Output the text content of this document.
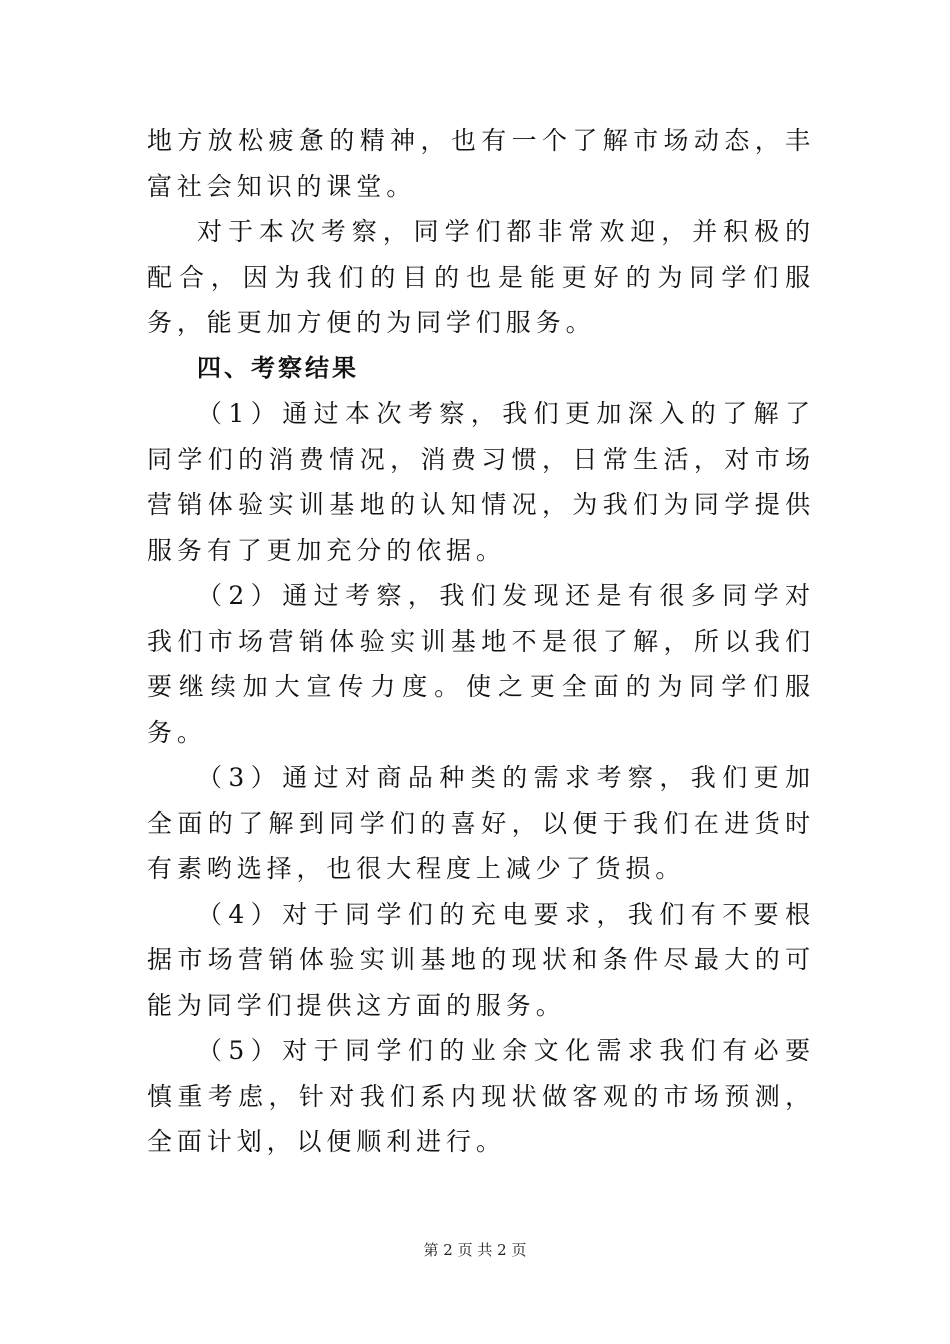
地方放松疲惫的精神，也有一个了解市场动态，丰富社会知识的课堂。

对于本次考察，同学们都非常欢迎，并积极的配合，因为我们的目的也是能更好的为同学们服务，能更加方便的为同学们服务。

四、考察结果

（1）通过本次考察，我们更加深入的了解了同学们的消费情况，消费习惯，日常生活，对市场营销体验实训基地的认知情况，为我们为同学提供服务有了更加充分的依据。

（2）通过考察，我们发现还是有很多同学对我们市场营销体验实训基地不是很了解，所以我们要继续加大宣传力度。使之更全面的为同学们服务。

（3）通过对商品种类的需求考察，我们更加全面的了解到同学们的喜好，以便于我们在进货时有素哟选择，也很大程度上减少了货损。

（4）对于同学们的充电要求，我们有不要根据市场营销体验实训基地的现状和条件尽最大的可能为同学们提供这方面的服务。

（5）对于同学们的业余文化需求我们有必要慎重考虑，针对我们系内现状做客观的市场预测，全面计划，以便顺利进行。

第 2 页 共 2 页
